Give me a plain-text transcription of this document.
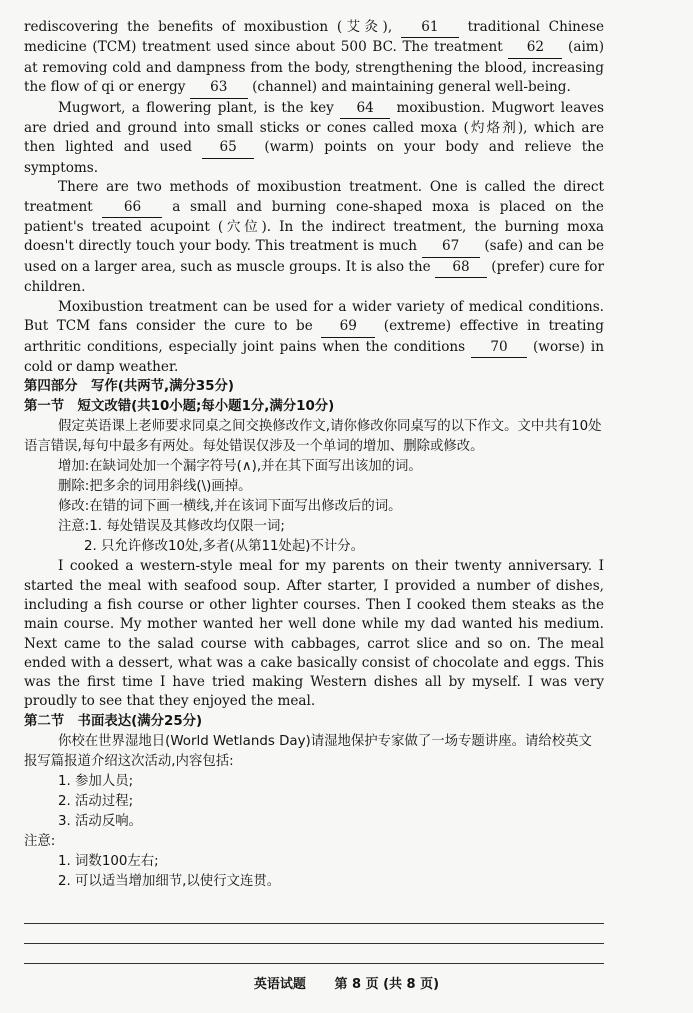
rediscovering the benefits of moxibustion (艾灸), 61 traditional Chinese medicine (TCM) treatment used since about 500 BC. The treatment 62 (aim) at removing cold and dampness from the body, strengthening the blood, increasing the flow of qi or energy 63 (channel) and maintaining general well-being.

Mugwort, a flowering plant, is the key 64 moxibustion. Mugwort leaves are dried and ground into small sticks or cones called moxa (灼烙剂), which are then lighted and used 65 (warm) points on your body and relieve the symptoms.

There are two methods of moxibustion treatment. One is called the direct treatment 66 a small and burning cone-shaped moxa is placed on the patient's treated acupoint (穴位). In the indirect treatment, the burning moxa doesn't directly touch your body. This treatment is much 67 (safe) and can be used on a larger area, such as muscle groups. It is also the 68 (prefer) cure for children.

Moxibustion treatment can be used for a wider variety of medical conditions. But TCM fans consider the cure to be 69 (extreme) effective in treating arthritic conditions, especially joint pains when the conditions 70 (worse) in cold or damp weather.

第四部分　写作(共两节,满分35分)

第一节　短文改错(共10小题;每小题1分,满分10分)

假定英语课上老师要求同桌之间交换修改作文,请你修改你同桌写的以下作文。文中共有10处语言错误,每句中最多有两处。每处错误仅涉及一个单词的增加、删除或修改。

增加:在缺词处加一个漏字符号(∧),并在其下面写出该加的词。

删除:把多余的词用斜线(\)画掉。

修改:在错的词下画一横线,并在该词下面写出修改后的词。

注意:1. 每处错误及其修改均仅限一词;

2. 只允许修改10处,多者(从第11处起)不计分。

I cooked a western-style meal for my parents on their twenty anniversary. I started the meal with seafood soup. After starter, I provided a number of dishes, including a fish course or other lighter courses. Then I cooked them steaks as the main course. My mother wanted her well done while my dad wanted his medium. Next came to the salad course with cabbages, carrot slice and so on. The meal ended with a dessert, what was a cake basically consist of chocolate and eggs. This was the first time I have tried making Western dishes all by myself. I was very proudly to see that they enjoyed the meal.

第二节　书面表达(满分25分)

你校在世界湿地日(World Wetlands Day)请湿地保护专家做了一场专题讲座。请给校英文报写篇报道介绍这次活动,内容包括:

1. 参加人员;

2. 活动过程;

3. 活动反响。

注意:

1. 词数100左右;

2. 可以适当增加细节,以使行文连贯。

英语试题 第 8 页 (共 8 页)
